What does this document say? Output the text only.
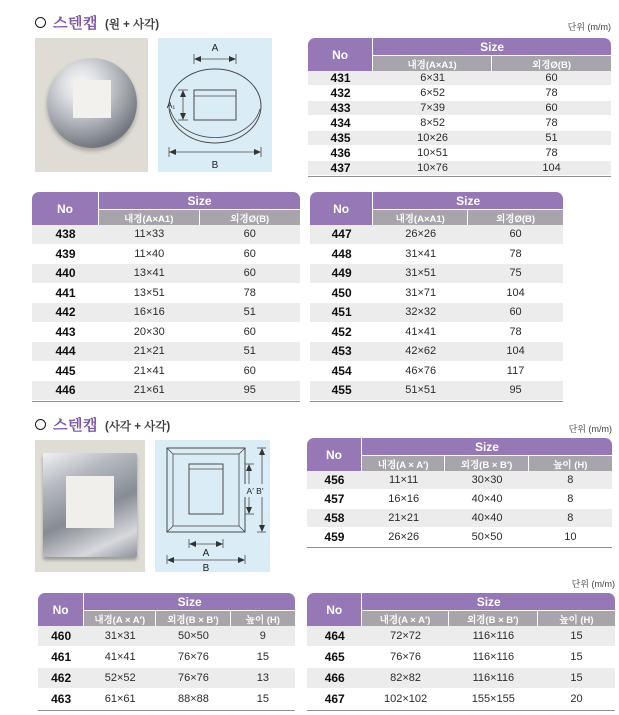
스텐캡 (원 + 사각)
A
A₁
B
단위 (m/m)
No	Size	
	내경(A×A1)	외경Ø(B)
431	6×31	60
432	6×52	78
433	7×39	60
434	8×52	78
435	10×26	51
436	10×51	78
437	10×76	104
No	Size	
	내경(A×A1)	외경Ø(B)
438	11×33	60
439	11×40	60
440	13×41	60
441	13×51	78
442	16×16	51
443	20×30	60
444	21×21	51
445	21×41	60
446	21×61	95
No	Size	
	내경(A×A1)	외경Ø(B)
447	26×26	60
448	31×41	78
449	31×51	75
450	31×71	104
451	32×32	60
452	41×41	78
453	42×62	104
454	46×76	117
455	51×51	95
스텐캡 (사각 + 사각)
A′ B′
A
B
단위 (m/m)
No	Size		
	내경(A × A′)	외경(B × B′)	높이 (H)
456	11×11	30×30	8
457	16×16	40×40	8
458	21×21	40×40	8
459	26×26	50×50	10
단위 (m/m)
No	Size		
	내경(A × A′)	외경(B × B′)	높이 (H)
460	31×31	50×50	9
461	41×41	76×76	15
462	52×52	76×76	13
463	61×61	88×88	15
No	Size		
	내경(A × A′)	외경(B × B′)	높이 (H)
464	72×72	116×116	15
465	76×76	116×116	15
466	82×82	116×116	15
467	102×102	155×155	20
